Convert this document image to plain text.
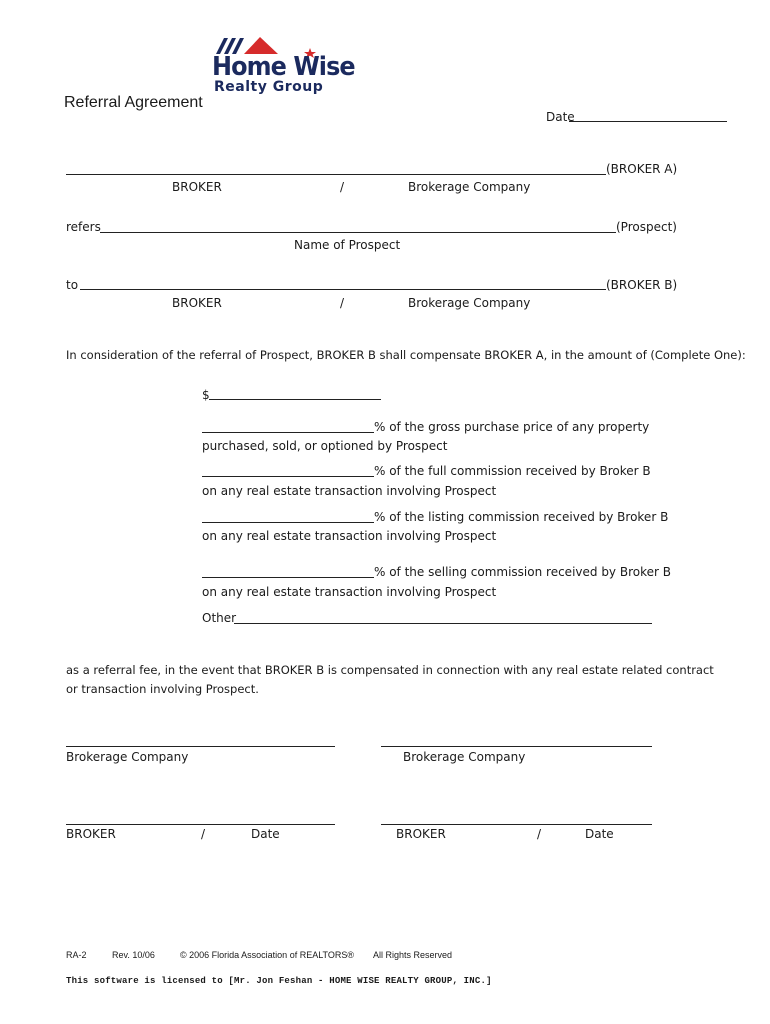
Home Wise
Realty Group
Referral Agreement
Date
(BROKER A)
BROKER	/	Brokerage Company
refers	(Prospect)
Name of Prospect
to	(BROKER B)
BROKER	/	Brokerage Company
In consideration of the referral of Prospect, BROKER B shall compensate BROKER A, in the amount of (Complete One):
$
% of the gross purchase price of any property
purchased, sold, or optioned by Prospect
% of the full commission received by Broker B
on any real estate transaction involving Prospect
% of the listing commission received by Broker B
on any real estate transaction involving Prospect
% of the selling commission received by Broker B
on any real estate transaction involving Prospect
Other
as a referral fee, in the event that BROKER B is compensated in connection with any real estate related contract
or transaction involving Prospect.
Brokerage Company	Brokerage Company
BROKER	/	Date	BROKER	/	Date
RA-2	Rev. 10/06	© 2006 Florida Association of REALTORS® All Rights Reserved
This software is licensed to [Mr. Jon Feshan - HOME WISE REALTY GROUP, INC.]
